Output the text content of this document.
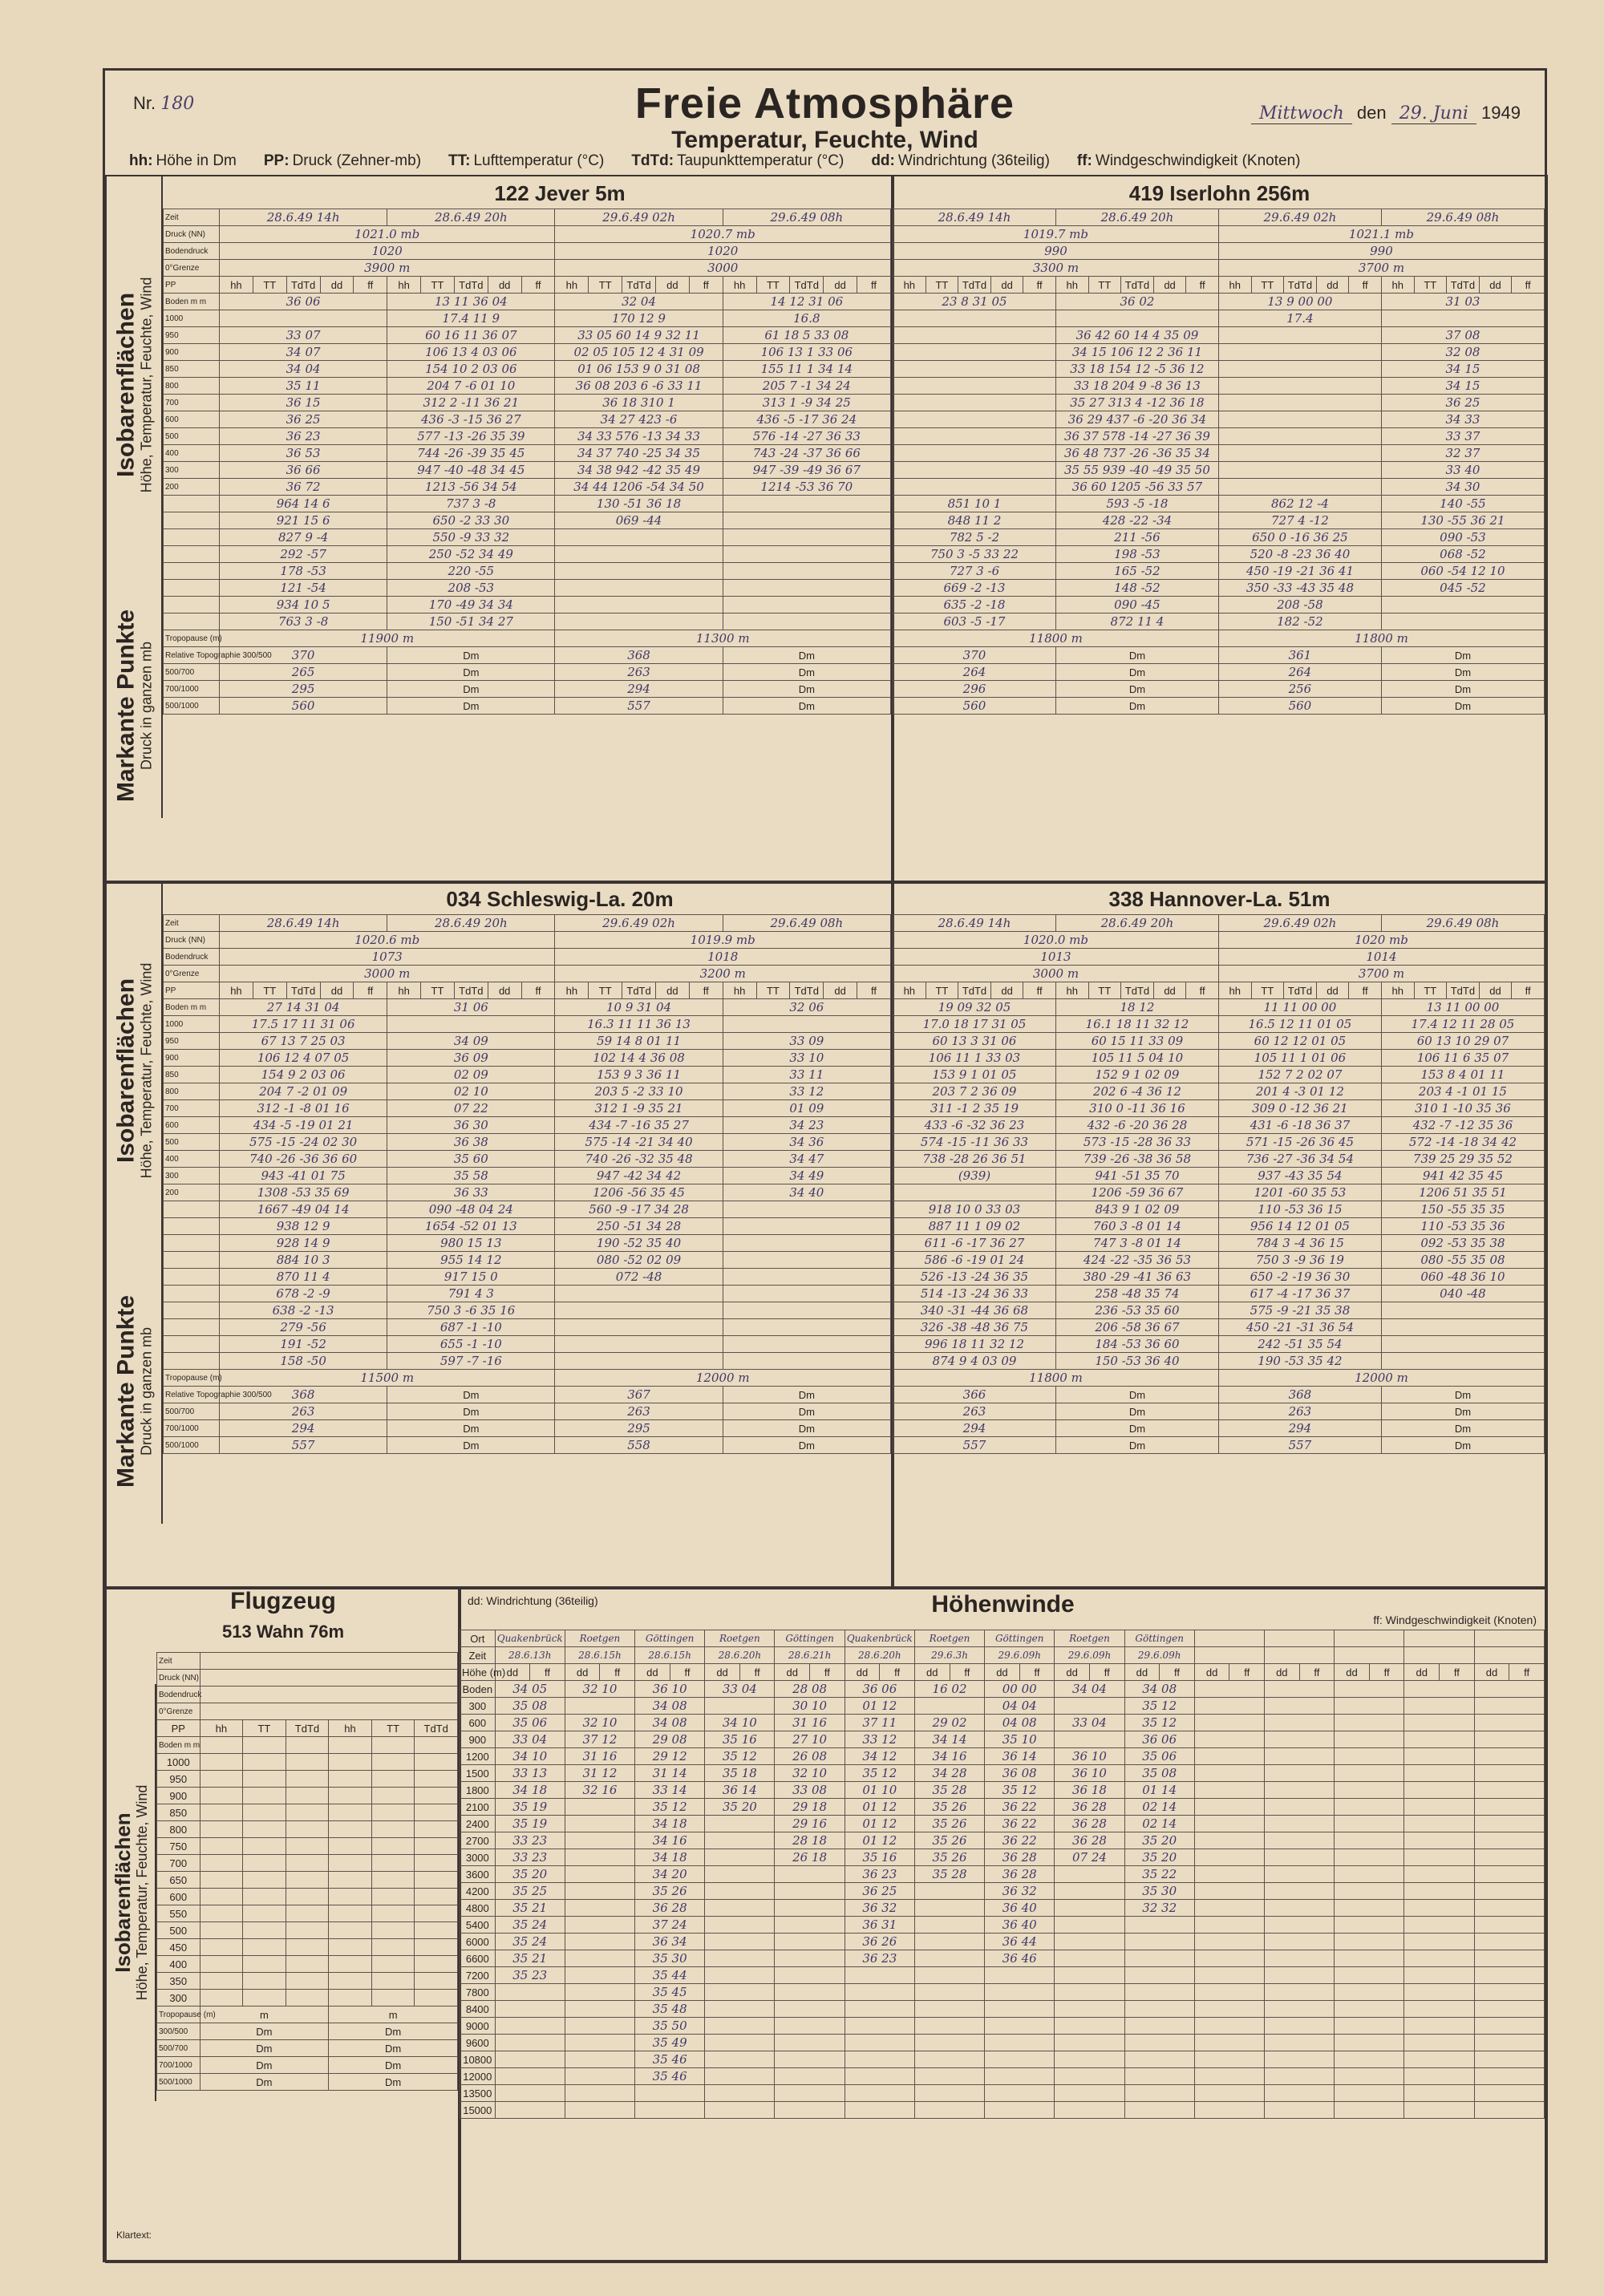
Nr. 180	Freie Atmosphäre
Temperatur, Feuchte, Wind
Mittwoch den 29. Juni 1949
hh: Höhe in Dm PP: Druck (Zehner-mb) TT: Lufttemperatur (°C) TdTd: Taupunkttemperatur (°C) dd: Windrichtung (36teilig) ff: Windgeschwindigkeit (Knoten)
122 Jever 5m
Isobarenflächen Höhe, Temperatur, Feuchte, Wind
Markante Punkte Druck in ganzen mb
Zeit	28.6.49 14h					28.6.49 20h					29.6.49 02h					29.6.49 08h				
Druck (NN)	1021.0 mb										1020.7 mb									
Bodendruck	1020										1020									
0°Grenze	3900 m										3000									
PP	hh	TT	TdTd	dd	ff	hh	TT	TdTd	dd	ff	hh	TT	TdTd	dd	ff	hh	TT	TdTd	dd	ff
Boden m m	36 06					13 11 36 04					32 04					14 12 31 06				
1000						17.4 11 9					170 12 9					16.8				
950	33 07					60 16 11 36 07					33 05 60 14 9 32 11					61 18 5 33 08				
900	34 07					106 13 4 03 06					02 05 105 12 4 31 09					106 13 1 33 06				
850	34 04					154 10 2 03 06					01 06 153 9 0 31 08					155 11 1 34 14				
800	35 11					204 7 -6 01 10					36 08 203 6 -6 33 11					205 7 -1 34 24				
700	36 15					312 2 -11 36 21					36 18 310 1					313 1 -9 34 25				
600	36 25					436 -3 -15 36 27					34 27 423 -6					436 -5 -17 36 24				
500	36 23					577 -13 -26 35 39					34 33 576 -13 34 33					576 -14 -27 36 33				
400	36 53					744 -26 -39 35 45					34 37 740 -25 34 35					743 -24 -37 36 66				
300	36 66					947 -40 -48 34 45					34 38 942 -42 35 49					947 -39 -49 36 67				
200	36 72					1213 -56 34 54					34 44 1206 -54 34 50					1214 -53 36 70				
	964 14 6					737 3 -8					130 -51 36 18									
	921 15 6					650 -2 33 30					069 -44									
	827 9 -4					550 -9 33 32														
	292 -57					250 -52 34 49														
	178 -53					220 -55														
	121 -54					208 -53														
	934 10 5					170 -49 34 34														
	763 3 -8					150 -51 34 27														
Tropopause (m)	11900 m										11300 m									
Relative Topographie 300/500	370					Dm					368					Dm				
500/700	265					Dm					263					Dm				
700/1000	295					Dm					294					Dm				
500/1000	560					Dm					557					Dm				
419 Iserlohn 256m
28.6.49 14h					28.6.49 20h					29.6.49 02h					29.6.49 08h				
1019.7 mb										1021.1 mb									
990										990									
3300 m										3700 m									
hh	TT	TdTd	dd	ff	hh	TT	TdTd	dd	ff	hh	TT	TdTd	dd	ff	hh	TT	TdTd	dd	ff
23 8 31 05					36 02					13 9 00 00					31 03				
										17.4									
					36 42 60 14 4 35 09										37 08				
					34 15 106 12 2 36 11										32 08				
					33 18 154 12 -5 36 12										34 15				
					33 18 204 9 -8 36 13										34 15				
					35 27 313 4 -12 36 18										36 25				
					36 29 437 -6 -20 36 34										34 33				
					36 37 578 -14 -27 36 39										33 37				
					36 48 737 -26 -36 35 34										32 37				
					35 55 939 -40 -49 35 50										33 40				
					36 60 1205 -56 33 57										34 30				
851 10 1					593 -5 -18					862 12 -4					140 -55				
848 11 2					428 -22 -34					727 4 -12					130 -55 36 21				
782 5 -2					211 -56					650 0 -16 36 25					090 -53				
750 3 -5 33 22					198 -53					520 -8 -23 36 40					068 -52				
727 3 -6					165 -52					450 -19 -21 36 41					060 -54 12 10				
669 -2 -13					148 -52					350 -33 -43 35 48					045 -52				
635 -2 -18					090 -45					208 -58									
603 -5 -17					872 11 4					182 -52									
11800 m										11800 m									
370					Dm					361					Dm				
264					Dm					264					Dm				
296					Dm					256					Dm				
560					Dm					560					Dm				
034 Schleswig-La. 20m
Isobarenflächen Höhe, Temperatur, Feuchte, Wind
Markante Punkte Druck in ganzen mb
Zeit	28.6.49 14h					28.6.49 20h					29.6.49 02h					29.6.49 08h				
Druck (NN)	1020.6 mb										1019.9 mb									
Bodendruck	1073										1018									
0°Grenze	3000 m										3200 m									
PP	hh	TT	TdTd	dd	ff	hh	TT	TdTd	dd	ff	hh	TT	TdTd	dd	ff	hh	TT	TdTd	dd	ff
Boden m m	27 14 31 04					31 06					10 9 31 04					32 06				
1000	17.5 17 11 31 06										16.3 11 11 36 13									
950	67 13 7 25 03					34 09					59 14 8 01 11					33 09				
900	106 12 4 07 05					36 09					102 14 4 36 08					33 10				
850	154 9 2 03 06					02 09					153 9 3 36 11					33 11				
800	204 7 -2 01 09					02 10					203 5 -2 33 10					33 12				
700	312 -1 -8 01 16					07 22					312 1 -9 35 21					01 09				
600	434 -5 -19 01 21					36 30					434 -7 -16 35 27					34 23				
500	575 -15 -24 02 30					36 38					575 -14 -21 34 40					34 36				
400	740 -26 -36 36 60					35 60					740 -26 -32 35 48					34 47				
300	943 -41 01 75					35 58					947 -42 34 42					34 49				
200	1308 -53 35 69					36 33					1206 -56 35 45					34 40				
	1667 -49 04 14					090 -48 04 24					560 -9 -17 34 28									
	938 12 9					1654 -52 01 13					250 -51 34 28									
	928 14 9					980 15 13					190 -52 35 40									
	884 10 3					955 14 12					080 -52 02 09									
	870 11 4					917 15 0					072 -48									
	678 -2 -9					791 4 3														
	638 -2 -13					750 3 -6 35 16														
	279 -56					687 -1 -10														
	191 -52					655 -1 -10														
	158 -50					597 -7 -16														
Tropopause (m)	11500 m										12000 m									
Relative Topographie 300/500	368					Dm					367					Dm				
500/700	263					Dm					263					Dm				
700/1000	294					Dm					295					Dm				
500/1000	557					Dm					558					Dm				
338 Hannover-La. 51m
28.6.49 14h					28.6.49 20h					29.6.49 02h					29.6.49 08h				
1020.0 mb										1020 mb									
1013										1014									
3000 m										3700 m									
hh	TT	TdTd	dd	ff	hh	TT	TdTd	dd	ff	hh	TT	TdTd	dd	ff	hh	TT	TdTd	dd	ff
19 09 32 05					18 12					11 11 00 00					13 11 00 00				
17.0 18 17 31 05					16.1 18 11 32 12					16.5 12 11 01 05					17.4 12 11 28 05				
60 13 3 31 06					60 15 11 33 09					60 12 12 01 05					60 13 10 29 07				
106 11 1 33 03					105 11 5 04 10					105 11 1 01 06					106 11 6 35 07				
153 9 1 01 05					152 9 1 02 09					152 7 2 02 07					153 8 4 01 11				
203 7 2 36 09					202 6 -4 36 12					201 4 -3 01 12					203 4 -1 01 15				
311 -1 2 35 19					310 0 -11 36 16					309 0 -12 36 21					310 1 -10 35 36				
433 -6 -32 36 23					432 -6 -20 36 28					431 -6 -18 36 37					432 -7 -12 35 36				
574 -15 -11 36 33					573 -15 -28 36 33					571 -15 -26 36 45					572 -14 -18 34 42				
738 -28 26 36 51					739 -26 -38 36 58					736 -27 -36 34 54					739 25 29 35 52				
(939)					941 -51 35 70					937 -43 35 54					941 42 35 45				
					1206 -59 36 67					1201 -60 35 53					1206 51 35 51				
918 10 0 33 03					843 9 1 02 09					110 -53 36 15					150 -55 35 35				
887 11 1 09 02					760 3 -8 01 14					956 14 12 01 05					110 -53 35 36				
611 -6 -17 36 27					747 3 -8 01 14					784 3 -4 36 15					092 -53 35 38				
586 -6 -19 01 24					424 -22 -35 36 53					750 3 -9 36 19					080 -55 35 08				
526 -13 -24 36 35					380 -29 -41 36 63					650 -2 -19 36 30					060 -48 36 10				
514 -13 -24 36 33					258 -48 35 74					617 -4 -17 36 37					040 -48				
340 -31 -44 36 68					236 -53 35 60					575 -9 -21 35 38									
326 -38 -48 36 75					206 -58 36 67					450 -21 -31 36 54									
996 18 11 32 12					184 -53 36 60					242 -51 35 54									
874 9 4 03 09					150 -53 36 40					190 -53 35 42									
11800 m										12000 m									
366					Dm					368					Dm				
263					Dm					263					Dm				
294					Dm					294					Dm				
557					Dm					557					Dm				
Flugzeug
513 Wahn 76m
Isobarenflächen
Höhe, Temperatur, Feuchte, Wind
Zeit						
Druck (NN)						
Bodendruck						
0°Grenze						
PP	hh	TT	TdTd	hh	TT	TdTd
Boden m m						
1000						
950						
900						
850						
800						
750						
700						
650						
600						
550						
500						
450						
400						
350						
300						
Tropopause (m)	m			m		
300/500	Dm			Dm		
500/700	Dm			Dm		
700/1000	Dm			Dm		
500/1000	Dm			Dm		
Klartext:
dd: Windrichtung (36teilig)	Höhenwinde
ff: Windgeschwindigkeit (Knoten)
Ort	Quakenbrück		Roetgen		Göttingen		Roetgen		Göttingen		Quakenbrück		Roetgen		Göttingen		Roetgen		Göttingen											
Zeit	28.6.13h		28.6.15h		28.6.15h		28.6.20h		28.6.21h		28.6.20h		29.6.3h		29.6.09h		29.6.09h		29.6.09h											
Höhe (m)	dd	ff	dd	ff	dd	ff	dd	ff	dd	ff	dd	ff	dd	ff	dd	ff	dd	ff	dd	ff	dd	ff	dd	ff	dd	ff	dd	ff	dd	ff
Boden	34 05		32 10		36 10		33 04		28 08		36 06		16 02		00 00		34 04		34 08											
300	35 08				34 08				30 10		01 12				04 04				35 12											
600	35 06		32 10		34 08		34 10		31 16		37 11		29 02		04 08		33 04		35 12											
900	33 04		37 12		29 08		35 16		27 10		33 12		34 14		35 10				36 06											
1200	34 10		31 16		29 12		35 12		26 08		34 12		34 16		36 14		36 10		35 06											
1500	33 13		31 12		31 14		35 18		32 10		35 12		34 28		36 08		36 10		35 08											
1800	34 18		32 16		33 14		36 14		33 08		01 10		35 28		35 12		36 18		01 14											
2100	35 19				35 12		35 20		29 18		01 12		35 26		36 22		36 28		02 14											
2400	35 19				34 18				29 16		01 12		35 26		36 22		36 28		02 14											
2700	33 23				34 16				28 18		01 12		35 26		36 22		36 28		35 20											
3000	33 23				34 18				26 18		35 16		35 26		36 28		07 24		35 20											
3600	35 20				34 20						36 23		35 28		36 28				35 22											
4200	35 25				35 26						36 25				36 32				35 30											
4800	35 21				36 28						36 32				36 40				32 32											
5400	35 24				37 24						36 31				36 40															
6000	35 24				36 34						36 26				36 44															
6600	35 21				35 30						36 23				36 46															
7200	35 23				35 44																									
7800					35 45																									
8400					35 48																									
9000					35 50																									
9600					35 49																									
10800					35 46																									
12000					35 46																									
13500																														
15000																														
